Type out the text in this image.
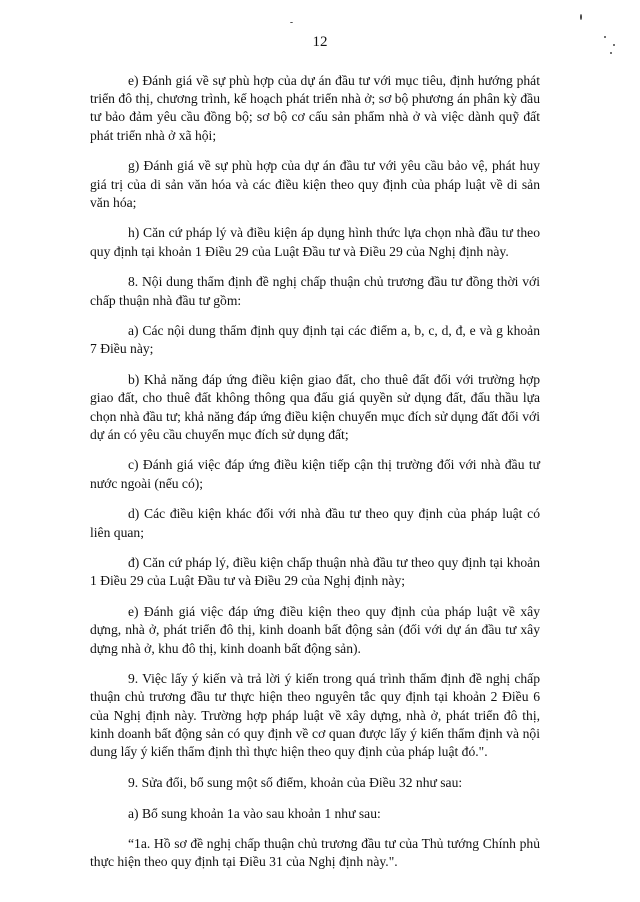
12

e) Đánh giá về sự phù hợp của dự án đầu tư với mục tiêu, định hướng phát triển đô thị, chương trình, kế hoạch phát triển nhà ở; sơ bộ phương án phân kỳ đầu tư bảo đảm yêu cầu đồng bộ; sơ bộ cơ cấu sản phẩm nhà ở và việc dành quỹ đất phát triển nhà ở xã hội;

g) Đánh giá về sự phù hợp của dự án đầu tư với yêu cầu bảo vệ, phát huy giá trị của di sản văn hóa và các điều kiện theo quy định của pháp luật về di sản văn hóa;

h) Căn cứ pháp lý và điều kiện áp dụng hình thức lựa chọn nhà đầu tư theo quy định tại khoản 1 Điều 29 của Luật Đầu tư và Điều 29 của Nghị định này.

8. Nội dung thẩm định đề nghị chấp thuận chủ trương đầu tư đồng thời với chấp thuận nhà đầu tư gồm:

a) Các nội dung thẩm định quy định tại các điểm a, b, c, d, đ, e và g khoản 7 Điều này;

b) Khả năng đáp ứng điều kiện giao đất, cho thuê đất đối với trường hợp giao đất, cho thuê đất không thông qua đấu giá quyền sử dụng đất, đấu thầu lựa chọn nhà đầu tư; khả năng đáp ứng điều kiện chuyển mục đích sử dụng đất đối với dự án có yêu cầu chuyển mục đích sử dụng đất;

c) Đánh giá việc đáp ứng điều kiện tiếp cận thị trường đối với nhà đầu tư nước ngoài (nếu có);

d) Các điều kiện khác đối với nhà đầu tư theo quy định của pháp luật có liên quan;

đ) Căn cứ pháp lý, điều kiện chấp thuận nhà đầu tư theo quy định tại khoản 1 Điều 29 của Luật Đầu tư và Điều 29 của Nghị định này;

e) Đánh giá việc đáp ứng điều kiện theo quy định của pháp luật về xây dựng, nhà ở, phát triển đô thị, kinh doanh bất động sản (đối với dự án đầu tư xây dựng nhà ở, khu đô thị, kinh doanh bất động sản).

9. Việc lấy ý kiến và trả lời ý kiến trong quá trình thẩm định đề nghị chấp thuận chủ trương đầu tư thực hiện theo nguyên tắc quy định tại khoản 2 Điều 6 của Nghị định này. Trường hợp pháp luật về xây dựng, nhà ở, phát triển đô thị, kinh doanh bất động sản có quy định về cơ quan được lấy ý kiến thẩm định và nội dung lấy ý kiến thẩm định thì thực hiện theo quy định của pháp luật đó.".

9. Sửa đổi, bổ sung một số điểm, khoản của Điều 32 như sau:

a) Bổ sung khoản 1a vào sau khoản 1 như sau:

“1a. Hồ sơ đề nghị chấp thuận chủ trương đầu tư của Thủ tướng Chính phủ thực hiện theo quy định tại Điều 31 của Nghị định này.".
